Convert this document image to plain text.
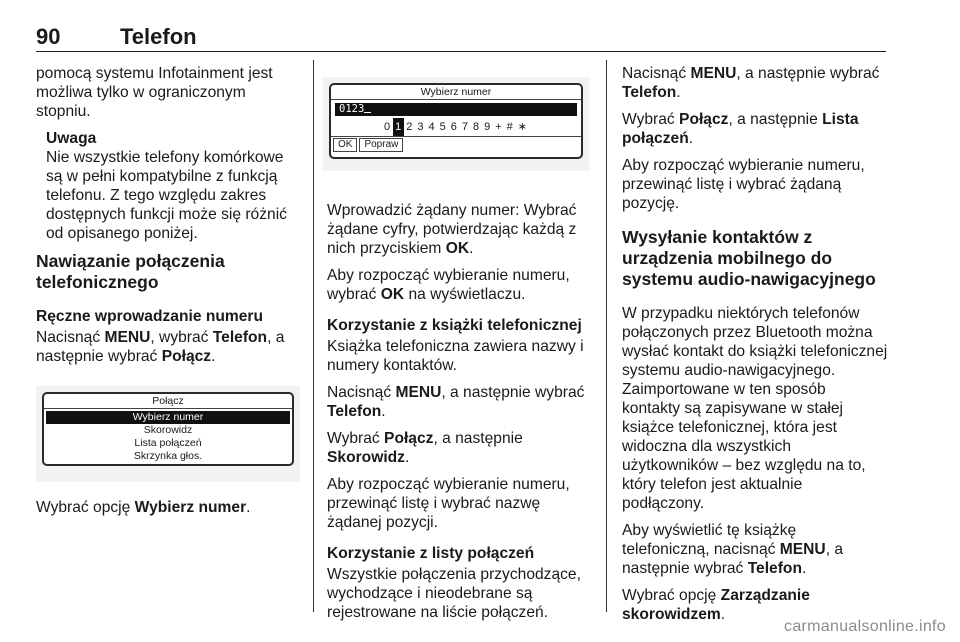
90	Telefon

pomocą systemu Infotainment jest możliwa tylko w ograniczonym stopniu.

Uwaga
Nie wszystkie telefony komórkowe są w pełni kompatybilne z funkcją telefonu. Z tego względu zakres dostępnych funkcji może się różnić od opisanego poniżej.
Nawiązanie połączenia telefonicznego
Ręczne wprowadzanie numeru

Nacisnąć MENU, wybrać Telefon, a następnie wybrać Połącz.

Połącz
Wybierz numer
Skorowidz
Lista połączeń
Skrzynka głos.

Wybrać opcję Wybierz numer.

Wybierz numer
0123
0 1 2 3 4 5 6 7 8 9 + # ∗
OK	Popraw

Wprowadzić żądany numer: Wybrać żądane cyfry, potwierdzając każdą z nich przyciskiem OK.

Aby rozpocząć wybieranie numeru, wybrać OK na wyświetlaczu.

Korzystanie z książki telefonicznej

Książka telefoniczna zawiera nazwy i numery kontaktów.

Nacisnąć MENU, a następnie wybrać Telefon.

Wybrać Połącz, a następnie Skorowidz.

Aby rozpocząć wybieranie numeru, przewinąć listę i wybrać nazwę żądanej pozycji.

Korzystanie z listy połączeń

Wszystkie połączenia przychodzące, wychodzące i nieodebrane są rejestrowane na liście połączeń.

Nacisnąć MENU, a następnie wybrać Telefon.

Wybrać Połącz, a następnie Lista połączeń.

Aby rozpocząć wybieranie numeru, przewinąć listę i wybrać żądaną pozycję.

Wysyłanie kontaktów z urządzenia mobilnego do systemu audio-nawigacyjnego

W przypadku niektórych telefonów połączonych przez Bluetooth można wysłać kontakt do książki telefonicznej systemu audio-nawigacyjnego. Zaimportowane w ten sposób kontakty są zapisywane w stałej książce telefonicznej, która jest widoczna dla wszystkich użytkowników – bez względu na to, który telefon jest aktualnie podłączony.

Aby wyświetlić tę książkę telefoniczną, nacisnąć MENU, a następnie wybrać Telefon.

Wybrać opcję Zarządzanie skorowidzem.

carmanualsonline.info
